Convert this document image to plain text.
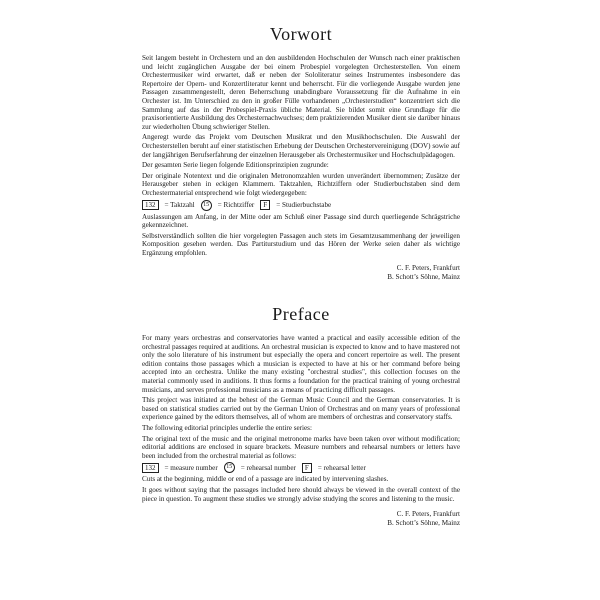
Vorwort

Seit langem besteht in Orchestern und an den ausbildenden Hochschulen der Wunsch nach einer praktischen und leicht zugänglichen Ausgabe der bei einem Probespiel vorgelegten Orchesterstellen. Von einem Orchestermusiker wird erwartet, daß er neben der Sololiteratur seines Instrumentes insbesondere das Repertoire der Opern- und Konzertliteratur kennt und beherrscht. Für die vorliegende Ausgabe wurden jene Passagen zusammengestellt, deren Beherrschung unabdingbare Voraussetzung für die Aufnahme in ein Orchester ist. Im Unterschied zu den in großer Fülle vorhandenen „Orchesterstudien“ konzentriert sich die Sammlung auf das in der Probespiel-Praxis übliche Material. Sie bildet somit eine Grundlage für die praxisorientierte Ausbildung des Orchesternachwuchses; dem praktizierenden Musiker dient sie darüber hinaus zur wiederholten Übung schwieriger Stellen.

Angeregt wurde das Projekt vom Deutschen Musikrat und den Musikhochschulen. Die Auswahl der Orchesterstellen beruht auf einer statistischen Erhebung der Deutschen Orchestervereinigung (DOV) sowie auf der langjährigen Berufserfahrung der einzelnen Herausgeber als Orchestermusiker und Hochschulpädagogen.

Der gesamten Serie liegen folgende Editionsprinzipien zugrunde:

Der originale Notentext und die originalen Metronomzahlen wurden unverändert übernommen; Zusätze der Herausgeber stehen in eckigen Klammern. Taktzahlen, Richtziffern oder Studierbuchstaben sind dem Orchestermaterial entsprechend wie folgt wiedergegeben:

132	= Taktzahl	15	= Richtziffer	F	= Studierbuchstabe

Auslassungen am Anfang, in der Mitte oder am Schluß einer Passage sind durch querliegende Schrägstriche gekennzeichnet.

Selbstverständlich sollten die hier vorgelegten Passagen auch stets im Gesamtzusammenhang der jeweiligen Komposition gesehen werden. Das Partiturstudium und das Hören der Werke seien daher als wichtige Ergänzung empfohlen.

C. F. Peters, Frankfurt
B. Schott’s Söhne, Mainz
Preface

For many years orchestras and conservatories have wanted a practical and easily accessible edition of the orchestral passages required at auditions. An orchestral musician is expected to know and to have mastered not only the solo literature of his instrument but especially the opera and concert repertoire as well. The present edition contains those passages which a musician is expected to have at his or her command before being accepted into an orchestra. Unlike the many existing "orchestral studies", this collection focuses on the material commonly used in auditions. It thus forms a foundation for the practical training of young orchestral musicians, and serves professional musicians as a means of practicing difficult passages.

This project was initiated at the behest of the German Music Council and the German conservatories. It is based on statistical studies carried out by the German Union of Orchestras and on many years of professional experience gained by the editors themselves, all of whom are members of orchestras and conservatory staffs.

The following editorial principles underlie the entire series:

The original text of the music and the original metronome marks have been taken over without modification; editorial additions are enclosed in square brackets. Measure numbers and rehearsal numbers or letters have been included from the orchestral material as follows:

132	= measure number	15	= rehearsal number	F	= rehearsal letter

Cuts at the beginning, middle or end of a passage are indicated by intervening slashes.

It goes without saying that the passages included here should always be viewed in the overall context of the piece in question. To augment these studies we strongly advise studying the scores and listening to the music.

C. F. Peters, Frankfurt
B. Schott’s Söhne, Mainz
